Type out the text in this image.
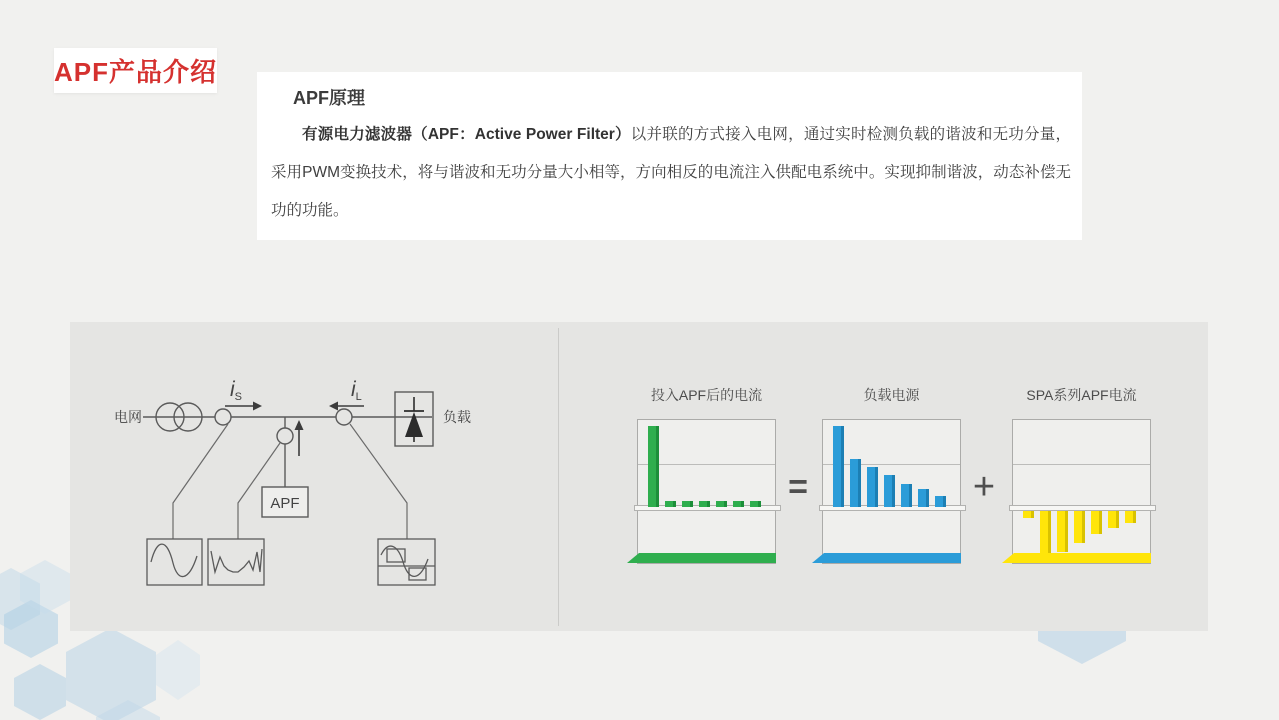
APF产品介绍
APF原理

有源电力滤波器（APF：Active Power Filter）以并联的方式接入电网，通过实时检测负载的谐波和无功分量，采用PWM变换技术，将与谐波和无功分量大小相等，方向相反的电流注入供配电系统中。实现抑制谐波，动态补偿无功的功能。

APF
电网	负载
$i_S$	$i_L$	投入APF后的电流	负载电源	SPA系列APF电流
=	+
